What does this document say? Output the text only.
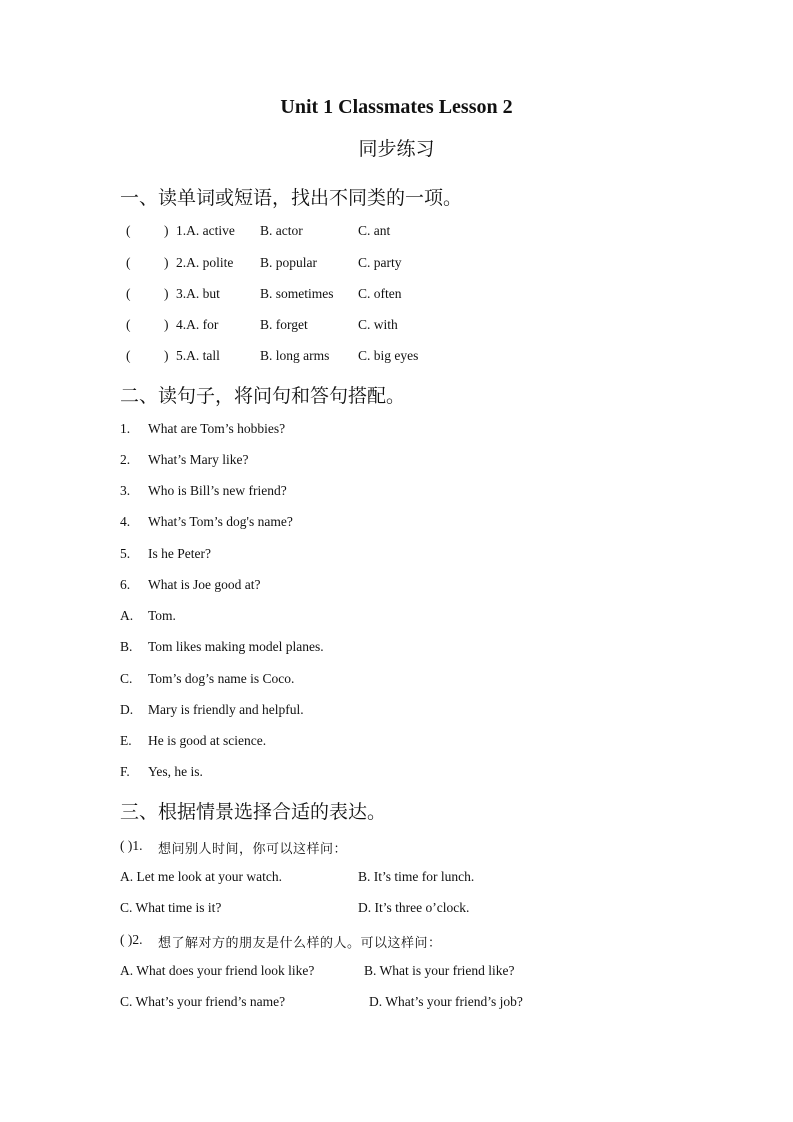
Unit 1 Classmates Lesson 2
同步练习
一、读单词或短语，找出不同类的一项。
( ) 1.A. active B. actor	C. ant
( ) 2.A. polite B. popular	C. party
( ) 3.A. but	B. sometimes C. often
( ) 4.A. for	B. forget	C. with
( ) 5.A. tall	B. long arms C. big eyes
二、读句子，将问句和答句搭配。
1. What are Tom’s hobbies?
2. What’s Mary like?
3. Who is Bill’s new friend?
4. What’s Tom’s dog's name?
5. Is he Peter?
6. What is Joe good at?
A. Tom.
B. Tom likes making model planes.
C. Tom’s dog’s name is Coco.
D. Mary is friendly and helpful.
E. He is good at science.
F. Yes, he is.
三、根据情景选择合适的表达。
( )1. 想问别人时间，你可以这样问：
A. Let me look at your watch.	B. It’s time for lunch.
C. What time is it?	D. It’s three o’clock.
( )2. 想了解对方的朋友是什么样的人。可以这样问：
A. What does your friend look like?	B. What is your friend like?
C. What’s your friend’s name?	D. What’s your friend’s job?
